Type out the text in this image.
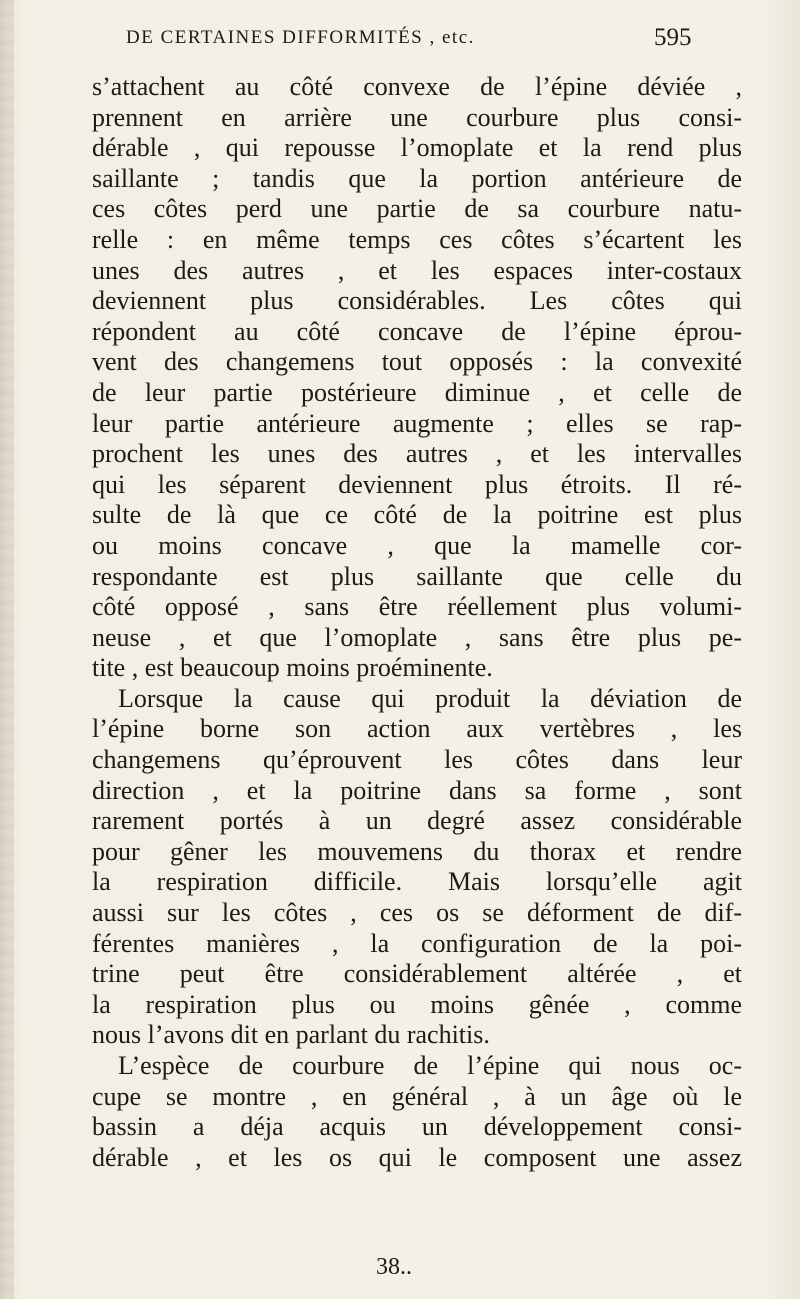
DE CERTAINES DIFFORMITÉS , etc.	595
s’attachent au côté convexe de l’épine déviée ,
prennent en arrière une courbure plus consi-
dérable , qui repousse l’omoplate et la rend plus
saillante ; tandis que la portion antérieure de
ces côtes perd une partie de sa courbure natu-
relle : en même temps ces côtes s’écartent les
unes des autres , et les espaces inter-costaux
deviennent plus considérables. Les côtes qui
répondent au côté concave de l’épine éprou-
vent des changemens tout opposés : la convexité
de leur partie postérieure diminue , et celle de
leur partie antérieure augmente ; elles se rap-
prochent les unes des autres , et les intervalles
qui les séparent deviennent plus étroits. Il ré-
sulte de là que ce côté de la poitrine est plus
ou moins concave , que la mamelle cor-
respondante est plus saillante que celle du
côté opposé , sans être réellement plus volumi-
neuse , et que l’omoplate , sans être plus pe-
tite , est beaucoup moins proéminente.
Lorsque la cause qui produit la déviation de
l’épine borne son action aux vertèbres , les
changemens qu’éprouvent les côtes dans leur
direction , et la poitrine dans sa forme , sont
rarement portés à un degré assez considérable
pour gêner les mouvemens du thorax et rendre
la respiration difficile. Mais lorsqu’elle agit
aussi sur les côtes , ces os se déforment de dif-
férentes manières , la configuration de la poi-
trine peut être considérablement altérée , et
la respiration plus ou moins gênée , comme
nous l’avons dit en parlant du rachitis.
L’espèce de courbure de l’épine qui nous oc-
cupe se montre , en général , à un âge où le
bassin a déja acquis un développement consi-
dérable , et les os qui le composent une assez
38..
